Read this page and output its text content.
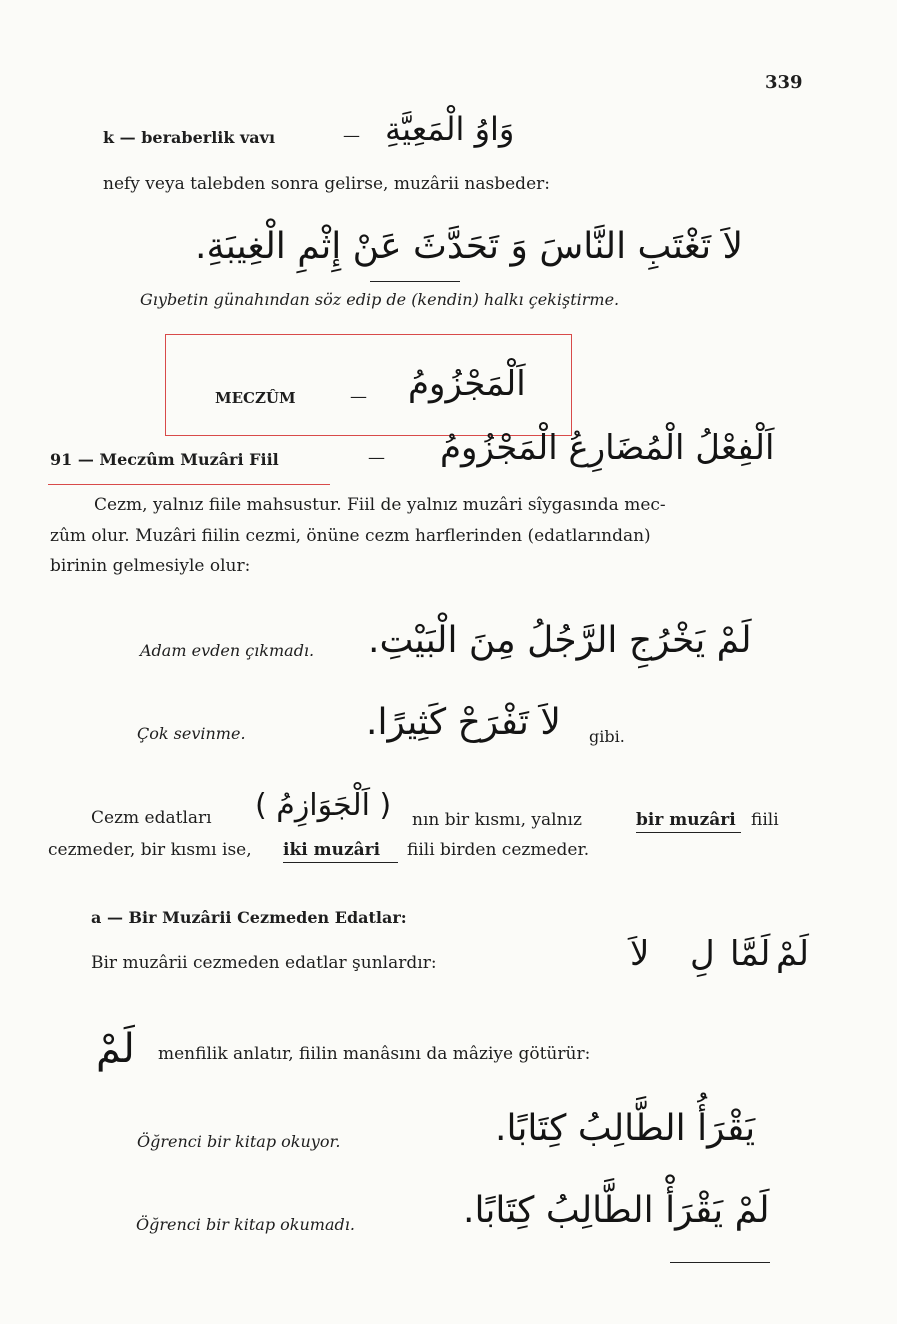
339
k — beraberlik vavı	— وَاوُ الْمَعِيَّةِ
nefy veya talebden sonra gelirse, muzârii nasbeder:
لاَ تَغْتَبِ النَّاسَ وَ تَحَدَّثَ عَنْ إِثْمِ الْغِيبَةِ.
Gıybetin günahından söz edip de (kendin) halkı çekiştirme.
MECZÛM	— اَلْمَجْزُومُ
91 — Meczûm Muzâri Fiil	— اَلْفِعْلُ الْمُضَارِعُ الْمَجْزُومُ
Cezm, yalnız fiile mahsustur. Fiil de yalnız muzâri sîygasında mec-
zûm olur. Muzâri fiilin cezmi, önüne cezm harflerinden (edatlarından)
birinin gelmesiyle olur:
Adam evden çıkmadı. لَمْ يَخْرُجِ الرَّجُلُ مِنَ الْبَيْتِ.
Çok sevinme.	لاَ تَفْرَحْ كَثِيرًا. gibi.
Cezm edatları ( اَلْجَوَازِمُ ) nın bir kısmı, yalnız	bir muzâri fiili
cezmeder, bir kısmı ise, iki muzâri fiili birden cezmeder.
a — Bir Muzârii Cezmeden Edatlar:
Bir muzârii cezmeden edatlar şunlardır:	لَمْ
لَمَّا
لِ
لاَ
لَمْ menfilik anlatır, fiilin manâsını da mâziye götürür:
Öğrenci bir kitap okuyor.	يَقْرَأُ الطَّالِبُ كِتَابًا.
Öğrenci bir kitap okumadı.	لَمْ يَقْرَأْ الطَّالِبُ كِتَابًا.
